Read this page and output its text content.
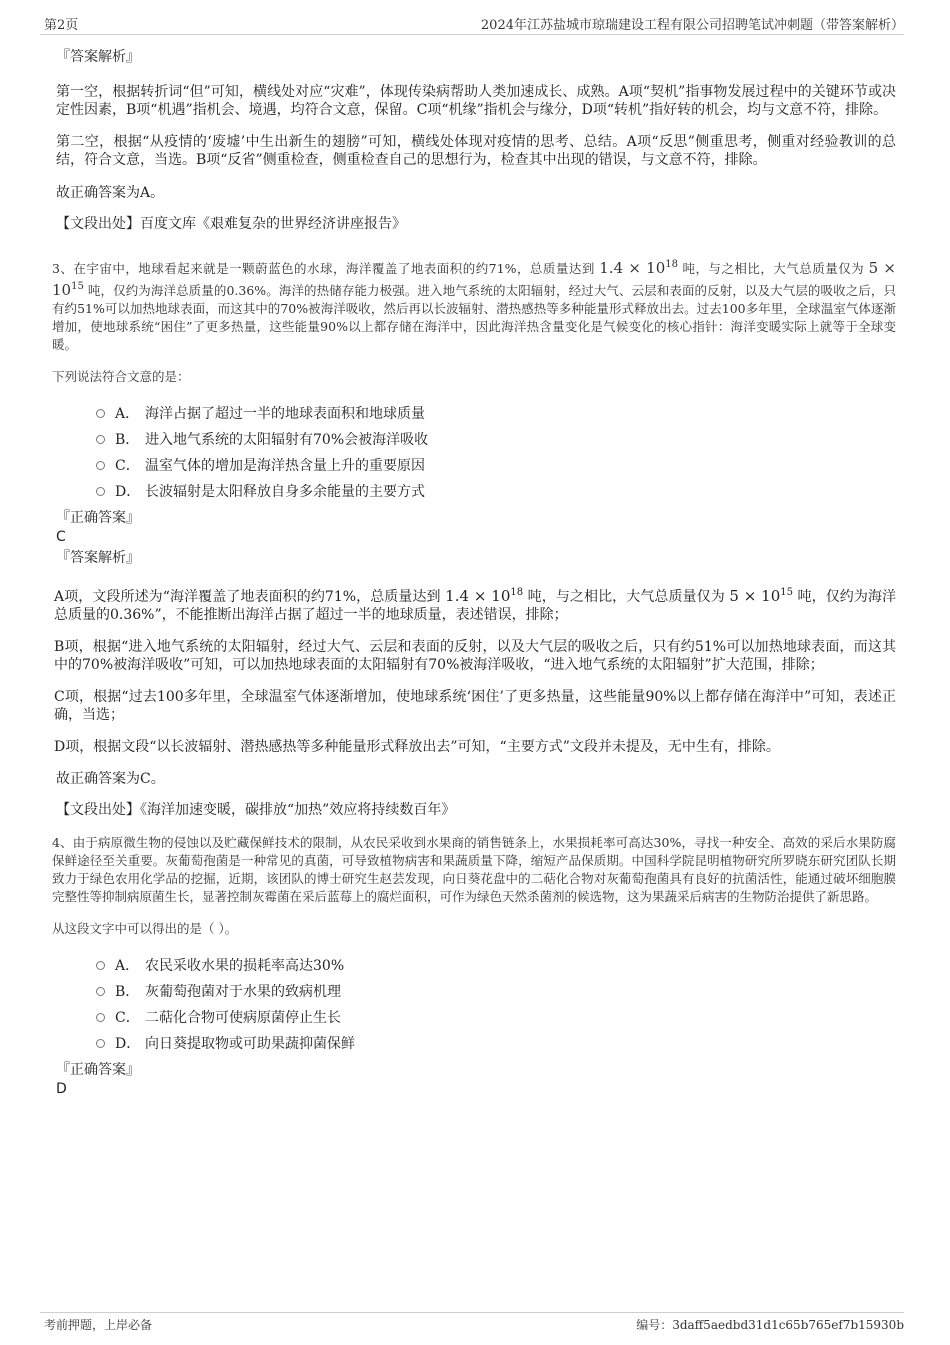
第2页	2024年江苏盐城市琼瑞建设工程有限公司招聘笔试冲刺题（带答案解析）

『答案解析』

第一空，根据转折词“但”可知，横线处对应“灾难”，体现传染病帮助人类加速成长、成熟。A项“契机”指事物发展过程中的关键环节或决定性因素，B项“机遇”指机会、境遇，均符合文意，保留。C项“机缘”指机会与缘分，D项“转机”指好转的机会，均与文意不符，排除。

第二空，根据“从疫情的‘废墟’中生出新生的翅膀”可知，横线处体现对疫情的思考、总结。A项“反思”侧重思考，侧重对经验教训的总结，符合文意，当选。B项“反省”侧重检查，侧重检查自己的思想行为，检查其中出现的错误，与文意不符，排除。

故正确答案为A。

【文段出处】百度文库《艰难复杂的世界经济讲座报告》

3、在宇宙中，地球看起来就是一颗蔚蓝色的水球，海洋覆盖了地表面积的约71%，总质量达到 $1.4 \times 10^{18}$ 吨，与之相比，大气总质量仅为 $5 \times 10^{15}$ 吨，仅约为海洋总质量的0.36%。海洋的热储存能力极强。进入地气系统的太阳辐射，经过大气、云层和表面的反射，以及大气层的吸收之后，只有约51%可以加热地球表面，而这其中的70%被海洋吸收，然后再以长波辐射、潜热感热等多种能量形式释放出去。过去100多年里，全球温室气体逐渐增加，使地球系统“困住”了更多热量，这些能量90%以上都存储在海洋中，因此海洋热含量变化是气候变化的核心指针：海洋变暖实际上就等于全球变暖。

下列说法符合文意的是：

A． 海洋占据了超过一半的地球表面积和地球质量
B． 进入地气系统的太阳辐射有70%会被海洋吸收
C． 温室气体的增加是海洋热含量上升的重要原因
D． 长波辐射是太阳释放自身多余能量的主要方式

『正确答案』

C

『答案解析』

A项，文段所述为“海洋覆盖了地表面积的约71%，总质量达到 $1.4 \times 10^{18}$ 吨，与之相比，大气总质量仅为 $5 \times 10^{15}$ 吨，仅约为海洋总质量的0.36%”，不能推断出海洋占据了超过一半的地球质量，表述错误，排除；

B项，根据“进入地气系统的太阳辐射，经过大气、云层和表面的反射，以及大气层的吸收之后，只有约51%可以加热地球表面，而这其中的70%被海洋吸收”可知，可以加热地球表面的太阳辐射有70%被海洋吸收，“进入地气系统的太阳辐射”扩大范围，排除；

C项，根据“过去100多年里，全球温室气体逐渐增加，使地球系统‘困住’了更多热量，这些能量90%以上都存储在海洋中”可知，表述正确，当选；

D项，根据文段“以长波辐射、潜热感热等多种能量形式释放出去”可知，“主要方式”文段并未提及，无中生有，排除。

故正确答案为C。

【文段出处】《海洋加速变暖，碳排放“加热”效应将持续数百年》

4、由于病原微生物的侵蚀以及贮藏保鲜技术的限制，从农民采收到水果商的销售链条上，水果损耗率可高达30%，寻找一种安全、高效的采后水果防腐保鲜途径至关重要。灰葡萄孢菌是一种常见的真菌，可导致植物病害和果蔬质量下降，缩短产品保质期。中国科学院昆明植物研究所罗晓东研究团队长期致力于绿色农用化学品的挖掘，近期，该团队的博士研究生赵芸发现，向日葵花盘中的二萜化合物对灰葡萄孢菌具有良好的抗菌活性，能通过破坏细胞膜完整性等抑制病原菌生长，显著控制灰霉菌在采后蓝莓上的腐烂面积，可作为绿色天然杀菌剂的候选物，这为果蔬采后病害的生物防治提供了新思路。

从这段文字中可以得出的是（ ）。

A． 农民采收水果的损耗率高达30%
B． 灰葡萄孢菌对于水果的致病机理
C． 二萜化合物可使病原菌停止生长
D． 向日葵提取物或可助果蔬抑菌保鲜

『正确答案』

D

考前押题，上岸必备	编号：3daff5aedbd31d1c65b765ef7b15930b
